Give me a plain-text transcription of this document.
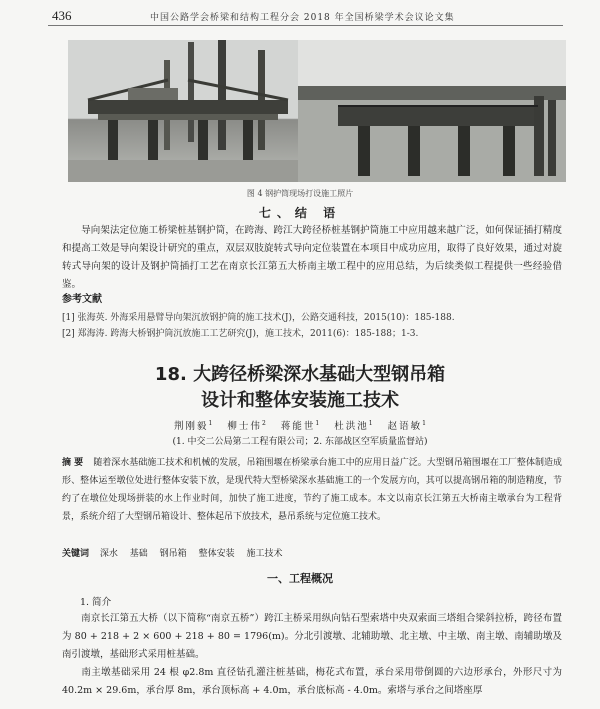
436	中国公路学会桥梁和结构工程分会 2018 年全国桥梁学术会议论文集
图 4 钢护筒现场打设施工照片
七、结 语
导向架法定位施工桥梁桩基钢护筒，在跨海、跨江大跨径桥桩基钢护筒施工中应用越来越广泛，如何保证插打精度和提高工效是导向架设计研究的重点，双层双肢旋转式导向定位装置在本项目中成功应用，取得了良好效果，通过对旋转式导向架的设计及钢护筒插打工艺在南京长江第五大桥南主墩工程中的应用总结，为后续类似工程提供一些经验借鉴。
参考文献
[1] 张海英. 外海采用悬臂导向架沉放钢护筒的施工技术(J)，公路交通科技，2015(10)：185-188.
[2] 郑海涛. 跨海大桥钢护筒沉放施工工艺研究(J)，施工技术，2011(6)：185-188；1-3.
18. 大跨径桥梁深水基础大型钢吊箱
设计和整体安装施工技术
荆刚毅$^1$ 柳士伟$^2$ 蒋能世$^1$ 杜洪池$^1$ 赵语敏$^1$
(1. 中交二公局第二工程有限公司；2. 东部战区空军质量监督站)
摘 要 随着深水基础施工技术和机械的发展，吊箱围堰在桥梁承台施工中的应用日益广泛。大型钢吊箱围堰在工厂整体制造成形、整体运至墩位处进行整体安装下放，是现代特大型桥梁深水基础施工的一个发展方向，其可以提高钢吊箱的制造精度，节约了在墩位处现场拼装的水上作业时间，加快了施工进度，节约了施工成本。本文以南京长江第五大桥南主墩承台为工程背景，系统介绍了大型钢吊箱设计、整体起吊下放技术，悬吊系统与定位施工技术。
关键词 深水 基础 钢吊箱 整体安装 施工技术
一、工程概况
1. 简介
南京长江第五大桥（以下简称“南京五桥”）跨江主桥采用纵向钻石型索塔中央双索面三塔组合梁斜拉桥，跨径布置为 80 + 218 + 2 × 600 + 218 + 80 = 1796(m)。分北引渡墩、北辅助墩、北主墩、中主墩、南主墩、南辅助墩及南引渡墩，基础形式采用桩基础。
南主墩基础采用 24 根 φ2.8m 直径钻孔灌注桩基础，梅花式布置，承台采用带倒圆的六边形承台，外形尺寸为 40.2m × 29.6m，承台厚 8m，承台顶标高 + 4.0m，承台底标高 - 4.0m。索塔与承台之间塔座厚
